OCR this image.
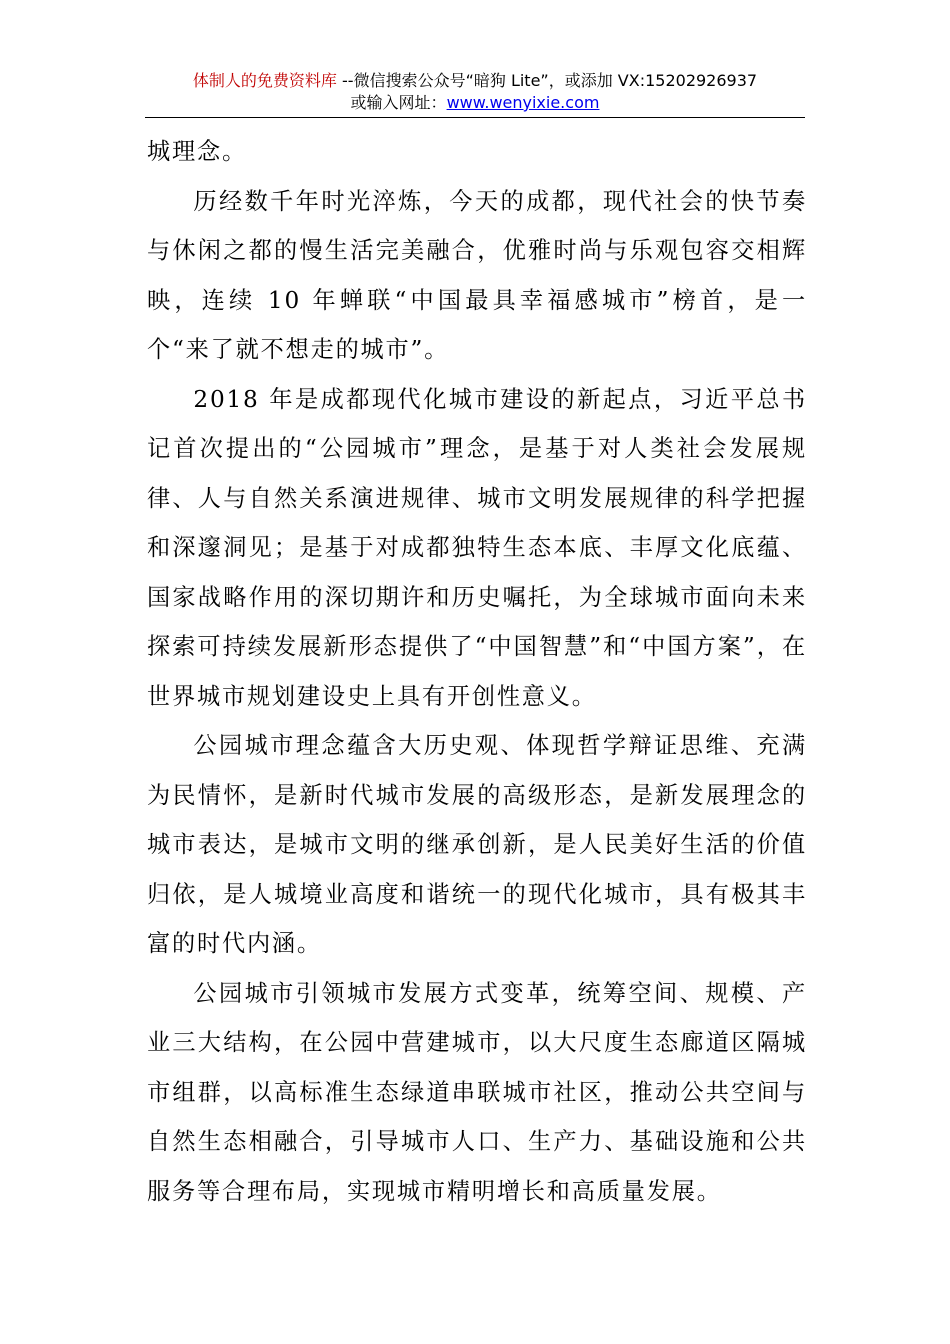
体制人的免费资料库 --微信搜索公众号“暗狗 Lite”，或添加 VX:15202926937
或输入网址：www.wenyixie.com

城理念。

历经数千年时光淬炼，今天的成都，现代社会的快节奏与休闲之都的慢生活完美融合，优雅时尚与乐观包容交相辉映，连续 10 年蝉联“中国最具幸福感城市”榜首，是一个“来了就不想走的城市”。

2018 年是成都现代化城市建设的新起点，习近平总书记首次提出的“公园城市”理念，是基于对人类社会发展规律、人与自然关系演进规律、城市文明发展规律的科学把握和深邃洞见；是基于对成都独特生态本底、丰厚文化底蕴、国家战略作用的深切期许和历史嘱托，为全球城市面向未来探索可持续发展新形态提供了“中国智慧”和“中国方案”，在世界城市规划建设史上具有开创性意义。

公园城市理念蕴含大历史观、体现哲学辩证思维、充满为民情怀，是新时代城市发展的高级形态，是新发展理念的城市表达，是城市文明的继承创新，是人民美好生活的价值归依，是人城境业高度和谐统一的现代化城市，具有极其丰富的时代内涵。

公园城市引领城市发展方式变革，统筹空间、规模、产业三大结构，在公园中营建城市，以大尺度生态廊道区隔城市组群，以高标准生态绿道串联城市社区，推动公共空间与自然生态相融合，引导城市人口、生产力、基础设施和公共服务等合理布局，实现城市精明增长和高质量发展。
